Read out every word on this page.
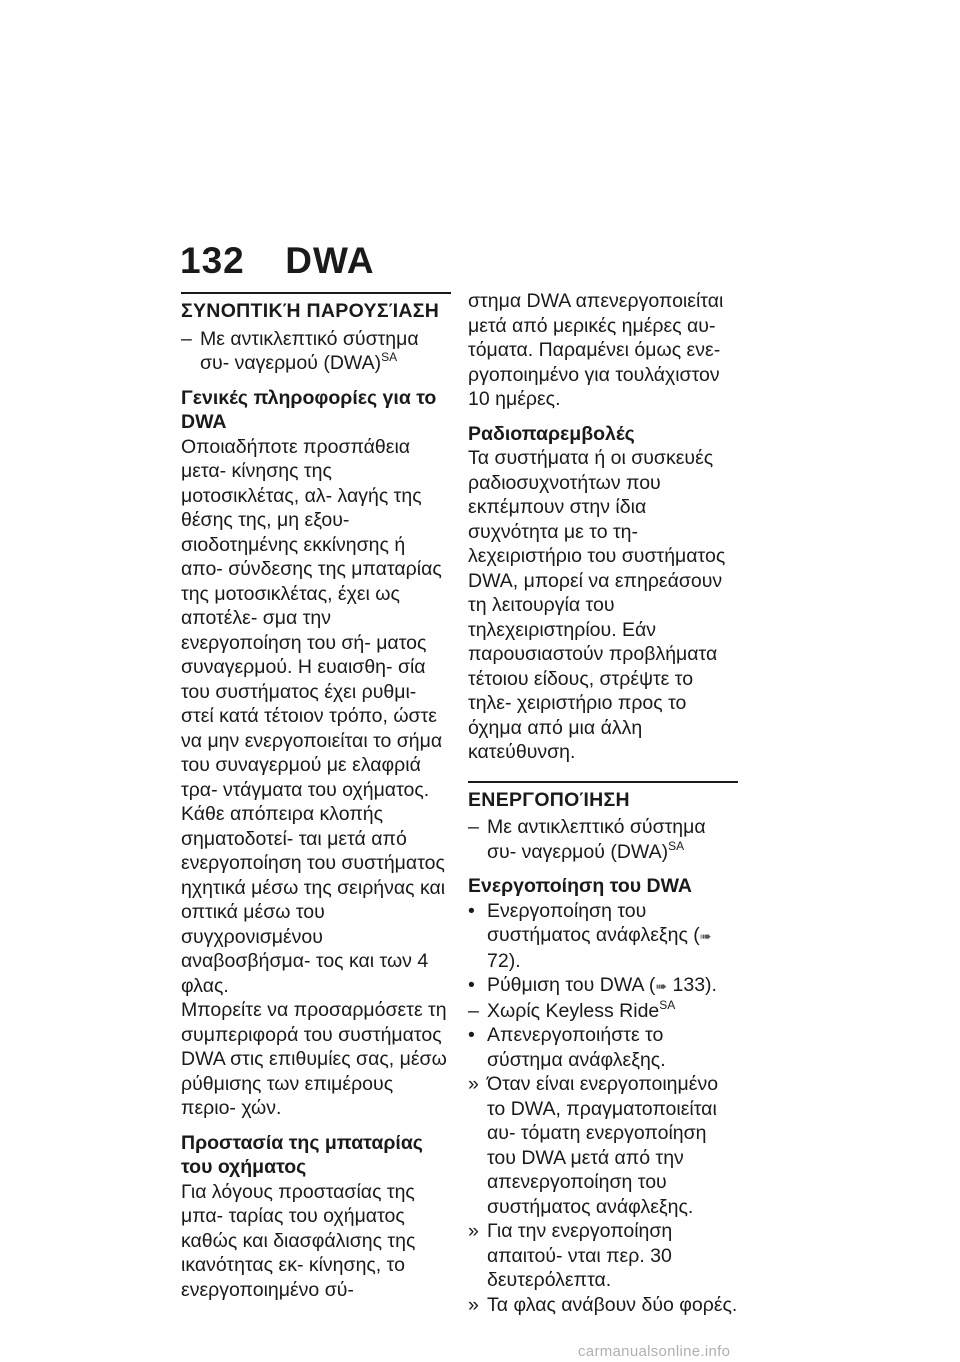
132 DWA
ΣΥΝΟΠΤΙΚΉ ΠΑΡΟΥΣΊΑΣΗ
– Με αντικλεπτικό σύστημα συ- ναγερμού (DWA)$^{SA}$
Γενικές πληροφορίες για το DWA

Οποιαδήποτε προσπάθεια μετα- κίνησης της μοτοσικλέτας, αλ- λαγής της θέσης της, μη εξου- σιοδοτημένης εκκίνησης ή απο- σύνδεσης της μπαταρίας της μοτοσικλέτας, έχει ως αποτέλε- σμα την ενεργοποίηση του σή- ματος συναγερμού. Η ευαισθη- σία του συστήματος έχει ρυθμι- στεί κατά τέτοιον τρόπο, ώστε να μην ενεργοποιείται το σήμα του συναγερμού με ελαφριά τρα- ντάγματα του οχήματος. Κάθε απόπειρα κλοπής σηματοδοτεί- ται μετά από ενεργοποίηση του συστήματος ηχητικά μέσω της σειρήνας και οπτικά μέσω του συγχρονισμένου αναβοσβήσμα- τος και των 4 φλας.

Μπορείτε να προσαρμόσετε τη συμπεριφορά του συστήματος DWA στις επιθυμίες σας, μέσω ρύθμισης των επιμέρους περιο- χών.

Προστασία της μπαταρίας του οχήματος

Για λόγους προστασίας της μπα- ταρίας του οχήματος καθώς και διασφάλισης της ικανότητας εκ- κίνησης, το ενεργοποιημένο σύ-

στημα DWA απενεργοποιείται μετά από μερικές ημέρες αυ- τόματα. Παραμένει όμως ενε- ργοποιημένο για τουλάχιστον 10 ημέρες.

Ραδιοπαρεμβολές

Τα συστήματα ή οι συσκευές ραδιοσυχνοτήτων που εκπέμπουν στην ίδια συχνότητα με το τη- λεχειριστήριο του συστήματος DWA, μπορεί να επηρεάσουν τη λειτουργία του τηλεχειριστηρίου. Εάν παρουσιαστούν προβλήματα τέτοιου είδους, στρέψτε το τηλε- χειριστήριο προς το όχημα από μια άλλη κατεύθυνση.

ΕΝΕΡΓΟΠΟΊΗΣΗ
– Με αντικλεπτικό σύστημα συ- ναγερμού (DWA)$^{SA}$
Ενεργοποίηση του DWA
• Ενεργοποίηση του συστήματος ανάφλεξης (➠ 72).
• Ρύθμιση του DWA (➠ 133).
– Χωρίς Keyless Ride$^{SA}$
• Απενεργοποιήστε το σύστημα ανάφλεξης.
» Όταν είναι ενεργοποιημένο το DWA, πραγματοποιείται αυ- τόματη ενεργοποίηση του DWA μετά από την απενεργοποίηση του συστήματος ανάφλεξης.
» Για την ενεργοποίηση απαιτού- νται περ. 30 δευτερόλεπτα.
» Τα φλας ανάβουν δύο φορές.
carmanualsonline.info
